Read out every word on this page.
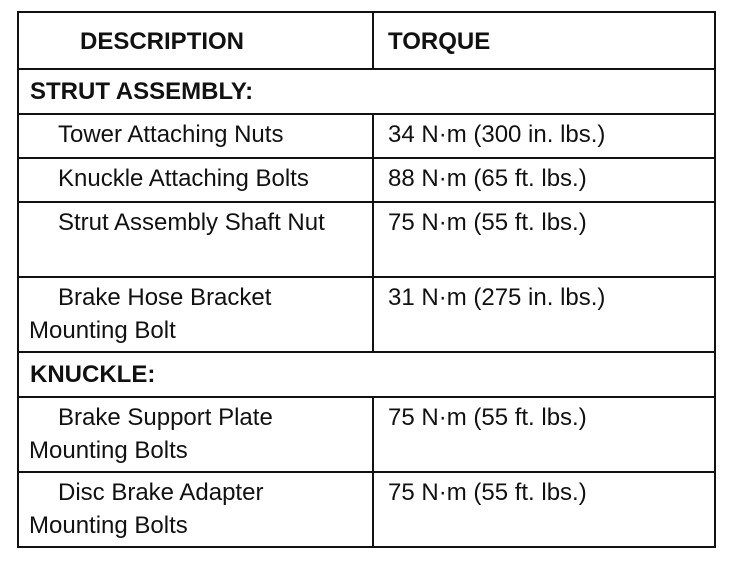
DESCRIPTION	TORQUE
STRUT ASSEMBLY:	
Tower Attaching Nuts	34 N·m (300 in. lbs.)
Knuckle Attaching Bolts	88 N·m (65 ft. lbs.)
Strut Assembly Shaft Nut	75 N·m (55 ft. lbs.)
Brake Hose Bracket Mounting Bolt	31 N·m (275 in. lbs.)
KNUCKLE:	
Brake Support Plate Mounting Bolts	75 N·m (55 ft. lbs.)
Disc Brake Adapter Mounting Bolts	75 N·m (55 ft. lbs.)
